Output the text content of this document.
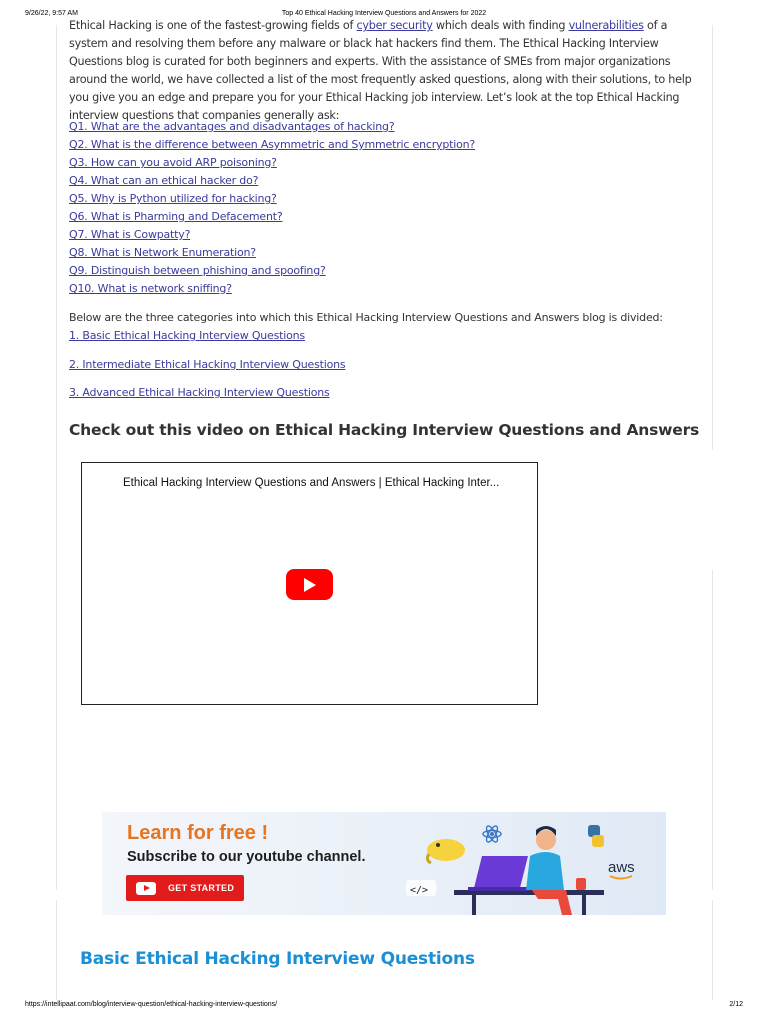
9/26/22, 9:57 AM	Top 40 Ethical Hacking Interview Questions and Answers for 2022

Ethical Hacking is one of the fastest-growing fields of cyber security which deals with finding vulnerabilities of a system and resolving them before any malware or black hat hackers find them. The Ethical Hacking Interview Questions blog is curated for both beginners and experts. With the assistance of SMEs from major organizations around the world, we have collected a list of the most frequently asked questions, along with their solutions, to help you give you an edge and prepare you for your Ethical Hacking job interview. Let’s look at the top Ethical Hacking interview questions that companies generally ask:

Q1. What are the advantages and disadvantages of hacking?
Q2. What is the difference between Asymmetric and Symmetric encryption?
Q3. How can you avoid ARP poisoning?
Q4. What can an ethical hacker do?
Q5. Why is Python utilized for hacking?
Q6. What is Pharming and Defacement?
Q7. What is Cowpatty?
Q8. What is Network Enumeration?
Q9. Distinguish between phishing and spoofing?
Q10. What is network sniffing?

Below are the three categories into which this Ethical Hacking Interview Questions and Answers blog is divided:

1. Basic Ethical Hacking Interview Questions
2. Intermediate Ethical Hacking Interview Questions
3. Advanced Ethical Hacking Interview Questions
Check out this video on Ethical Hacking Interview Questions and Answers
Ethical Hacking Interview Questions and Answers | Ethical Hacking Inter...
Learn for free !
Subscribe to our youtube channel.
GET STARTED
aws
</>
Basic Ethical Hacking Interview Questions
https://intellipaat.com/blog/interview-question/ethical-hacking-interview-questions/	2/12
